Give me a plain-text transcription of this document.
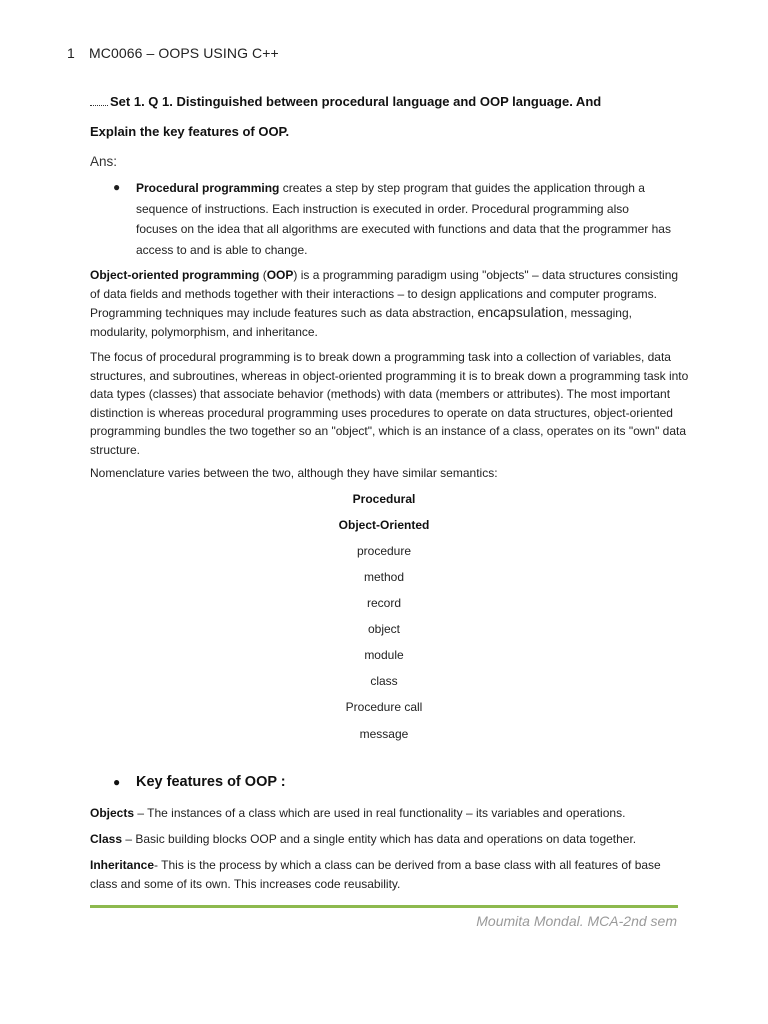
1 MC0066 – OOPS USING C++
Set 1. Q 1. Distinguished between procedural language and OOP language. And
Explain the key features of OOP.
Ans:
● Procedural programming creates a step by step program that guides the application through a sequence of instructions. Each instruction is executed in order. Procedural programming also focuses on the idea that all algorithms are executed with functions and data that the programmer has access to and is able to change.
Object-oriented programming (OOP) is a programming paradigm using "objects" – data structures consisting of data fields and methods together with their interactions – to design applications and computer programs. Programming techniques may include features such as data abstraction, encapsulation, messaging, modularity, polymorphism, and inheritance.
The focus of procedural programming is to break down a programming task into a collection of variables, data structures, and subroutines, whereas in object-oriented programming it is to break down a programming task into data types (classes) that associate behavior (methods) with data (members or attributes). The most important distinction is whereas procedural programming uses procedures to operate on data structures, object-oriented programming bundles the two together so an "object", which is an instance of a class, operates on its "own" data structure.
Nomenclature varies between the two, although they have similar semantics:
Procedural
Object-Oriented
procedure
method
record
object
module
class
Procedure call
message
● Key features of OOP :
Objects – The instances of a class which are used in real functionality – its variables and operations.
Class – Basic building blocks OOP and a single entity which has data and operations on data together.
Inheritance- This is the process by which a class can be derived from a base class with all features of base class and some of its own. This increases code reusability.
Moumita Mondal. MCA-2nd sem
